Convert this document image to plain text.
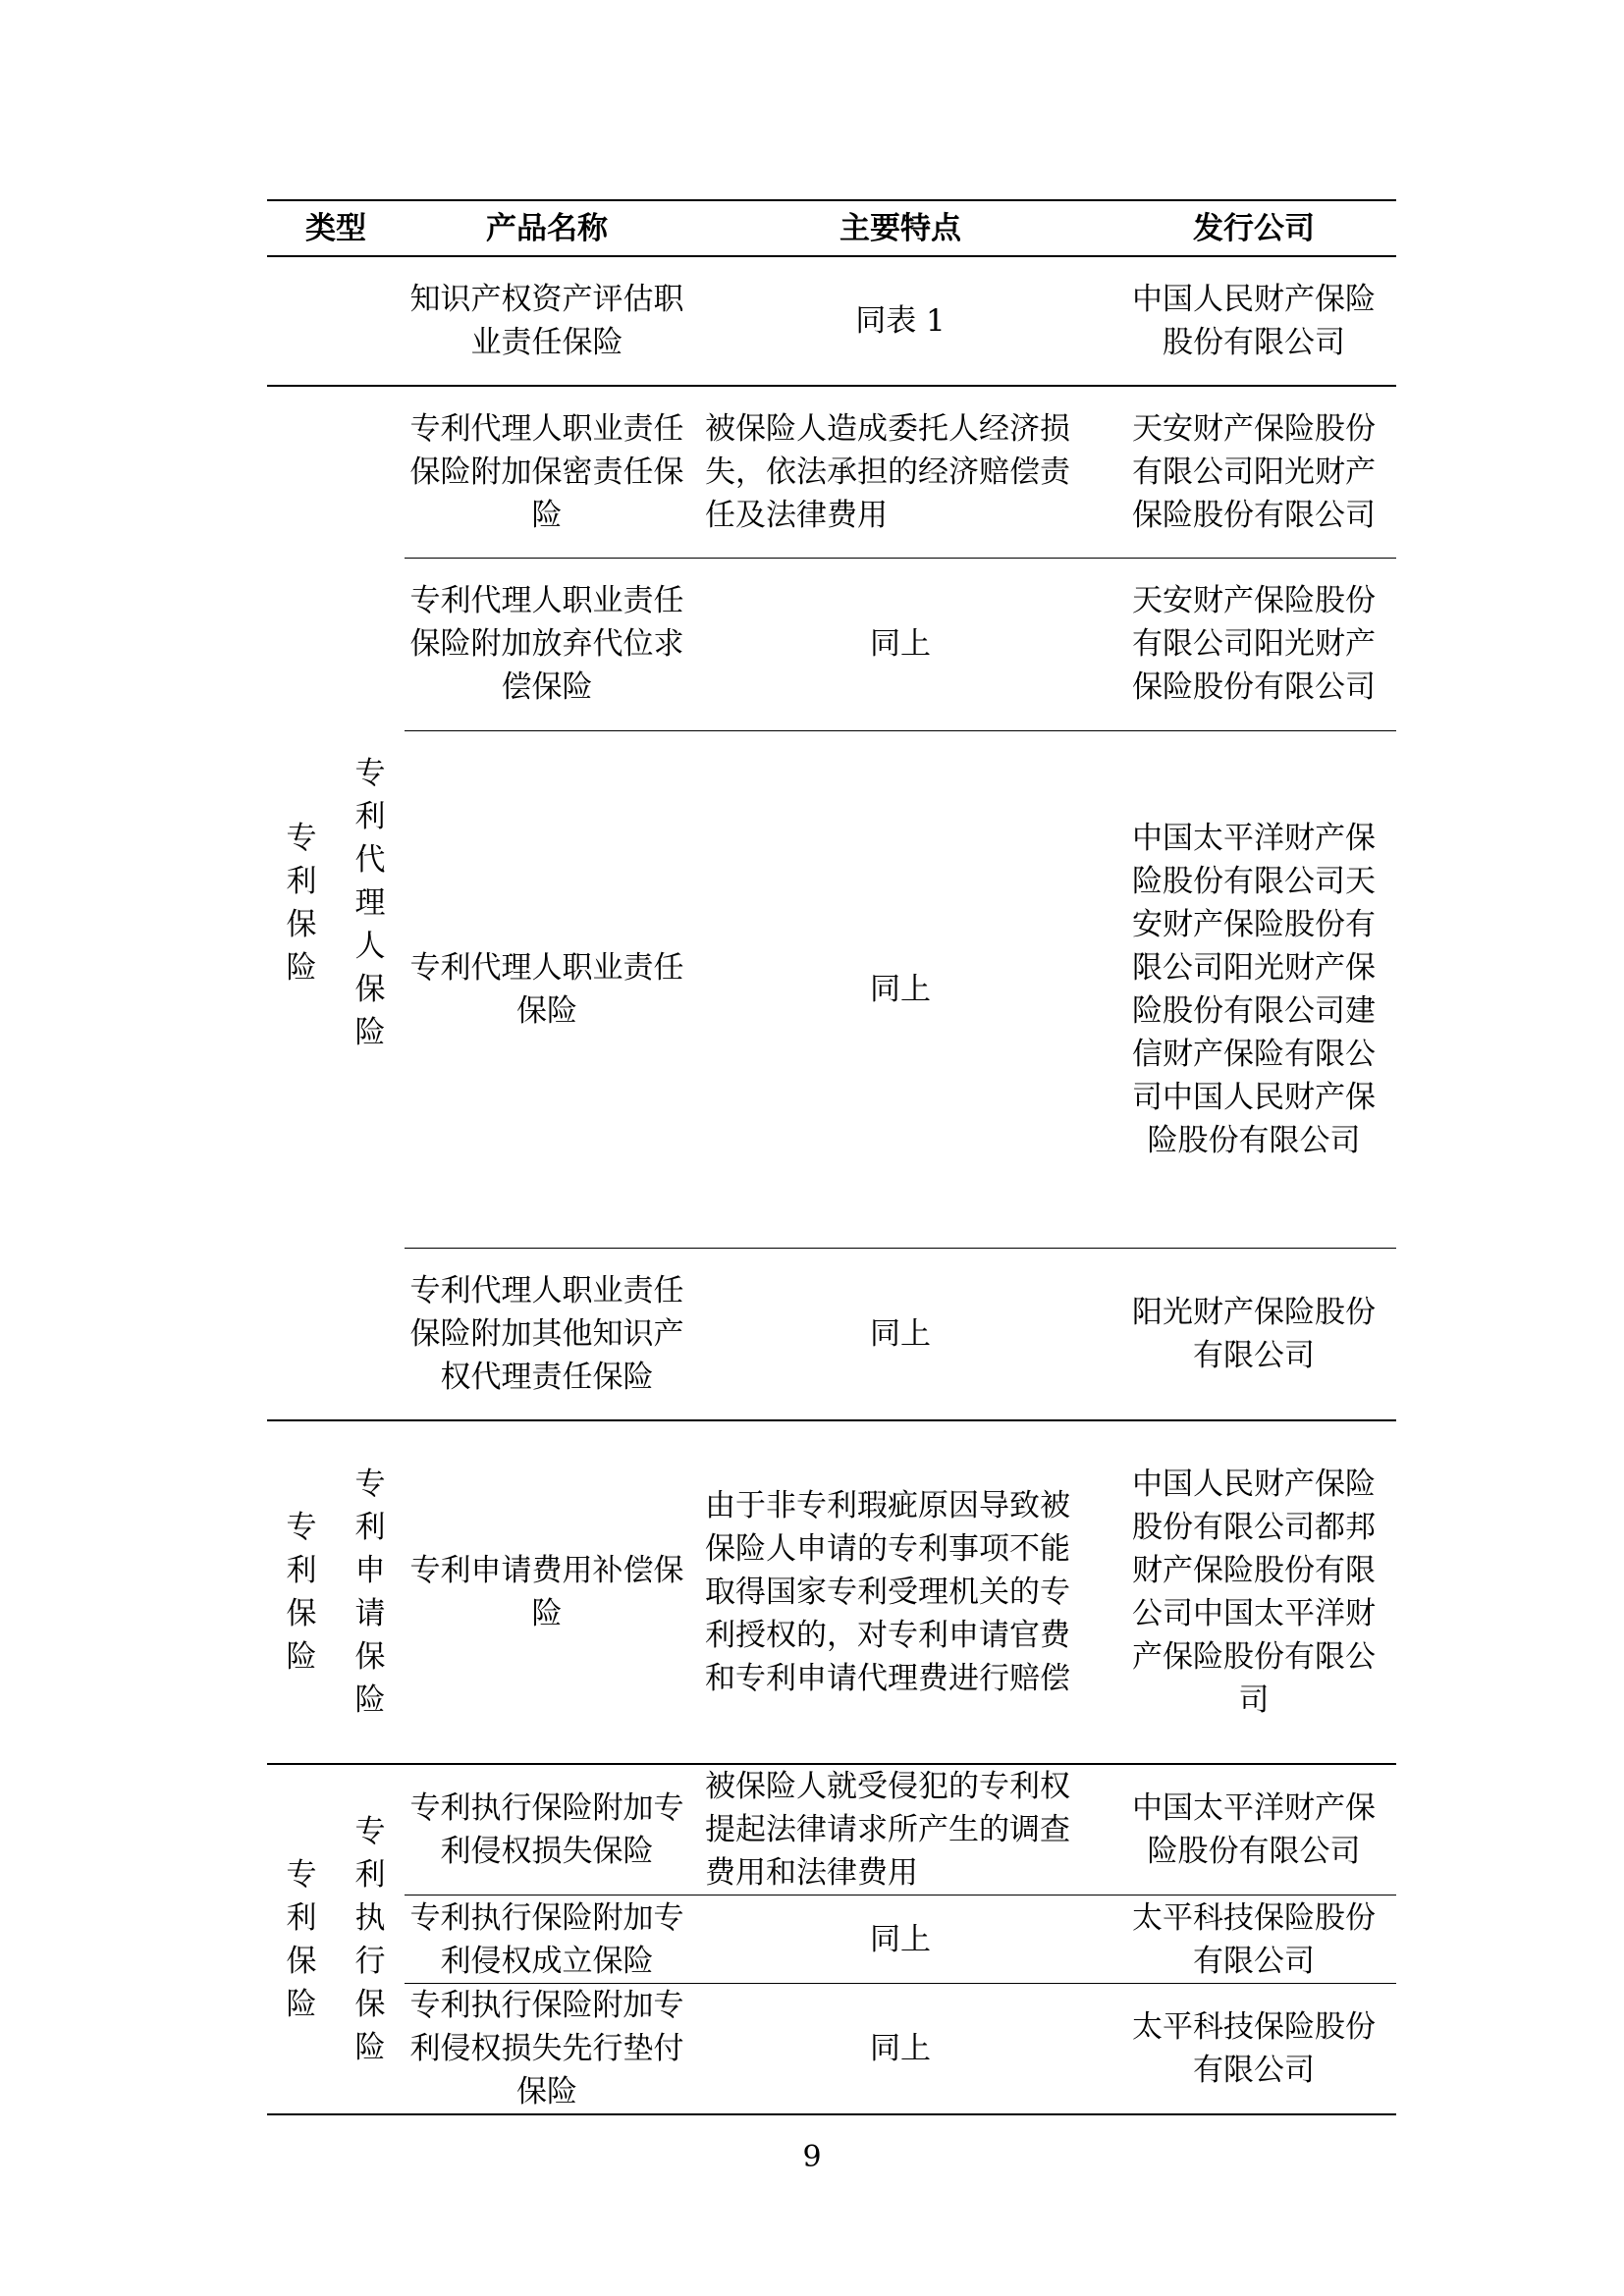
类型		产品名称	主要特点	发行公司

		知识产权资产评估职业责任保险	同表 1	中国人民财产保险股份有限公司

专利保险	专利代理人保险	专利代理人职业责任保险附加保密责任保险	被保险人造成委托人经济损失，依法承担的经济赔偿责任及法律费用	天安财产保险股份有限公司阳光财产保险股份有限公司

		专利代理人职业责任保险附加放弃代位求偿保险	同上	天安财产保险股份有限公司阳光财产保险股份有限公司

		专利代理人职业责任保险	同上	中国太平洋财产保险股份有限公司天安财产保险股份有限公司阳光财产保险股份有限公司建信财产保险有限公司中国人民财产保险股份有限公司

		专利代理人职业责任保险附加其他知识产权代理责任保险	同上	阳光财产保险股份有限公司

专利保险	专利申请保险	专利申请费用补偿保险	由于非专利瑕疵原因导致被保险人申请的专利事项不能取得国家专利受理机关的专利授权的，对专利申请官费和专利申请代理费进行赔偿	中国人民财产保险股份有限公司都邦财产保险股份有限公司中国太平洋财产保险股份有限公司

专利保险	专利执行保险	专利执行保险附加专利侵权损失保险	被保险人就受侵犯的专利权提起法律请求所产生的调查费用和法律费用	中国太平洋财产保险股份有限公司

		专利执行保险附加专利侵权成立保险	同上	太平科技保险股份有限公司

		专利执行保险附加专利侵权损失先行垫付保险	同上	太平科技保险股份有限公司
9
